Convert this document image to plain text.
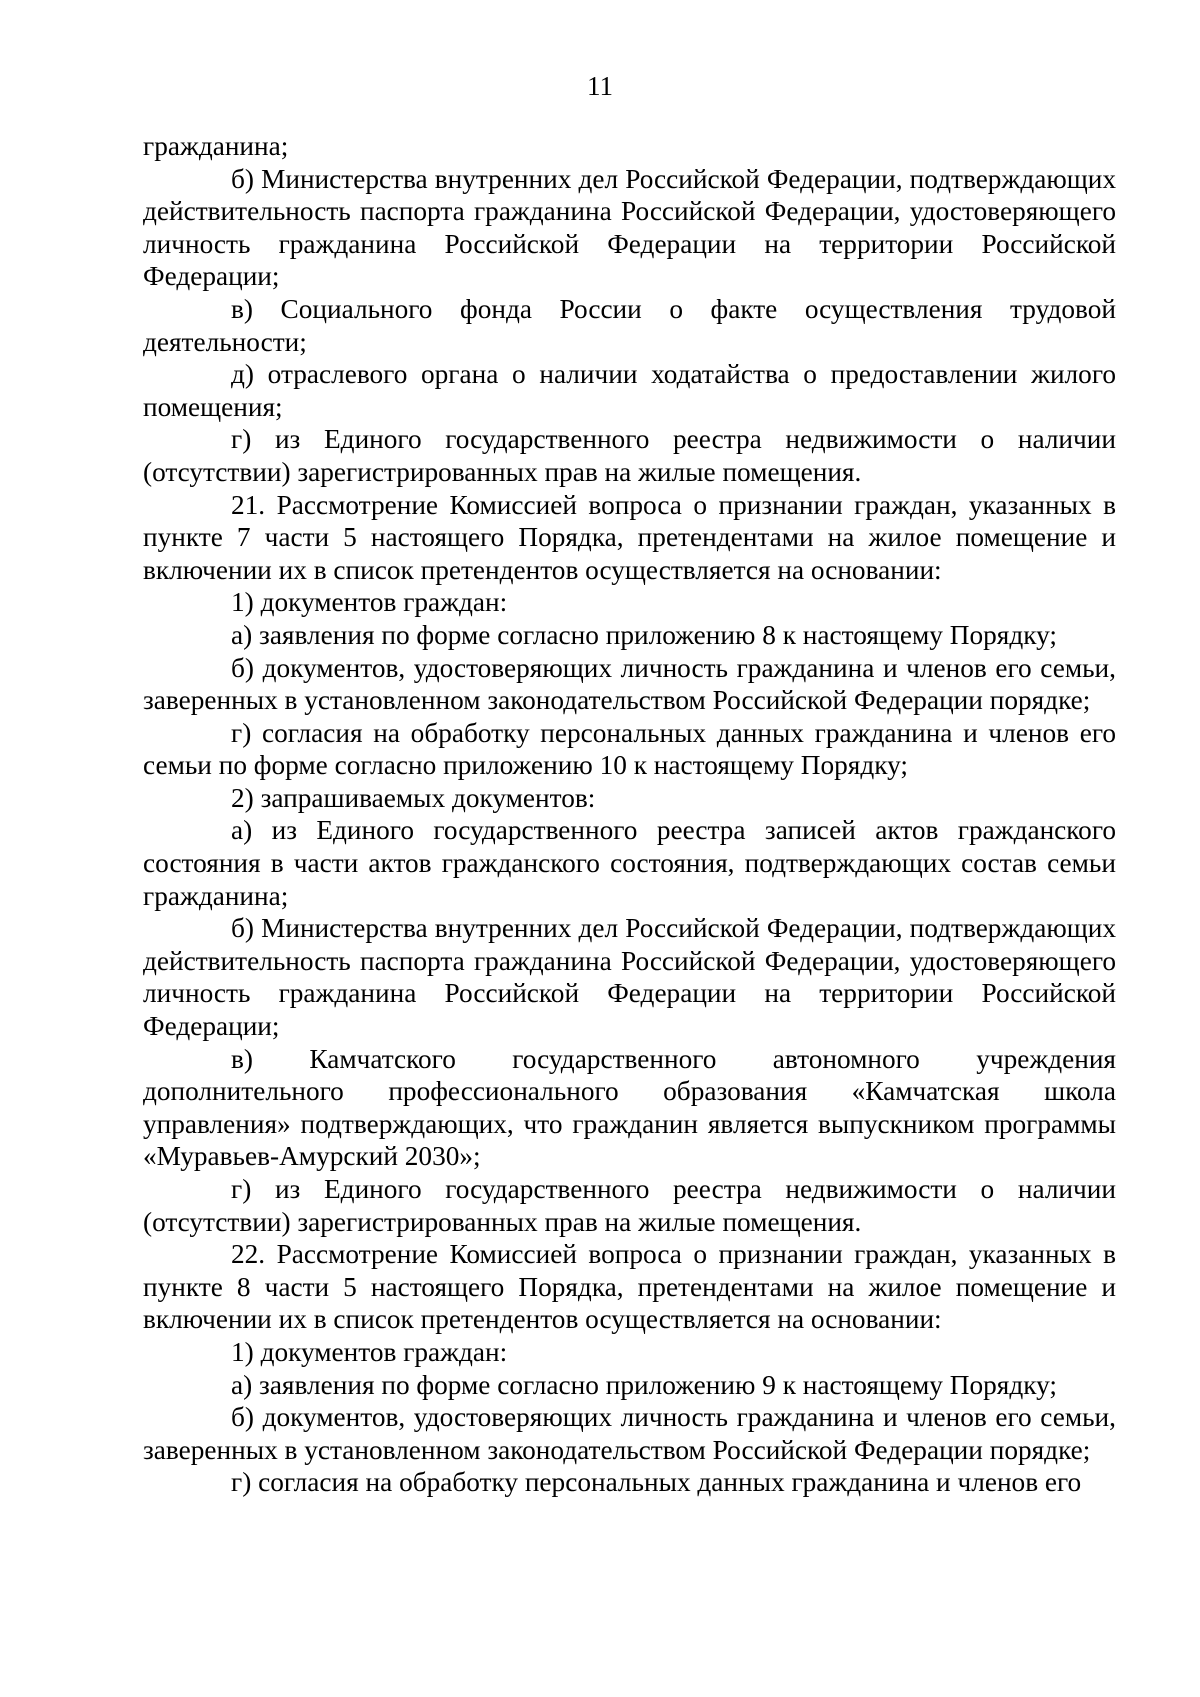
11

гражданина;

б) Министерства внутренних дел Российской Федерации, подтверждающих действительность паспорта гражданина Российской Федерации, удостоверяющего личность гражданина Российской Федерации на территории Российской Федерации;

в) Социального фонда России о факте осуществления трудовой деятельности;

д) отраслевого органа о наличии ходатайства о предоставлении жилого помещения;

г) из Единого государственного реестра недвижимости о наличии (отсутствии) зарегистрированных прав на жилые помещения.

21. Рассмотрение Комиссией вопроса о признании граждан, указанных в пункте 7 части 5 настоящего Порядка, претендентами на жилое помещение и включении их в список претендентов осуществляется на основании:

1) документов граждан:

а) заявления по форме согласно приложению 8 к настоящему Порядку;

б) документов, удостоверяющих личность гражданина и членов его семьи, заверенных в установленном законодательством Российской Федерации порядке;

г) согласия на обработку персональных данных гражданина и членов его семьи по форме согласно приложению 10 к настоящему Порядку;

2) запрашиваемых документов:

а) из Единого государственного реестра записей актов гражданского состояния в части актов гражданского состояния, подтверждающих состав семьи гражданина;

б) Министерства внутренних дел Российской Федерации, подтверждающих действительность паспорта гражданина Российской Федерации, удостоверяющего личность гражданина Российской Федерации на территории Российской Федерации;

в) Камчатского государственного автономного учреждения дополнительного профессионального образования «Камчатская школа управления» подтверждающих, что гражданин является выпускником программы «Муравьев-Амурский 2030»;

г) из Единого государственного реестра недвижимости о наличии (отсутствии) зарегистрированных прав на жилые помещения.

22. Рассмотрение Комиссией вопроса о признании граждан, указанных в пункте 8 части 5 настоящего Порядка, претендентами на жилое помещение и включении их в список претендентов осуществляется на основании:

1) документов граждан:

а) заявления по форме согласно приложению 9 к настоящему Порядку;

б) документов, удостоверяющих личность гражданина и членов его семьи, заверенных в установленном законодательством Российской Федерации порядке;

г) согласия на обработку персональных данных гражданина и членов его
